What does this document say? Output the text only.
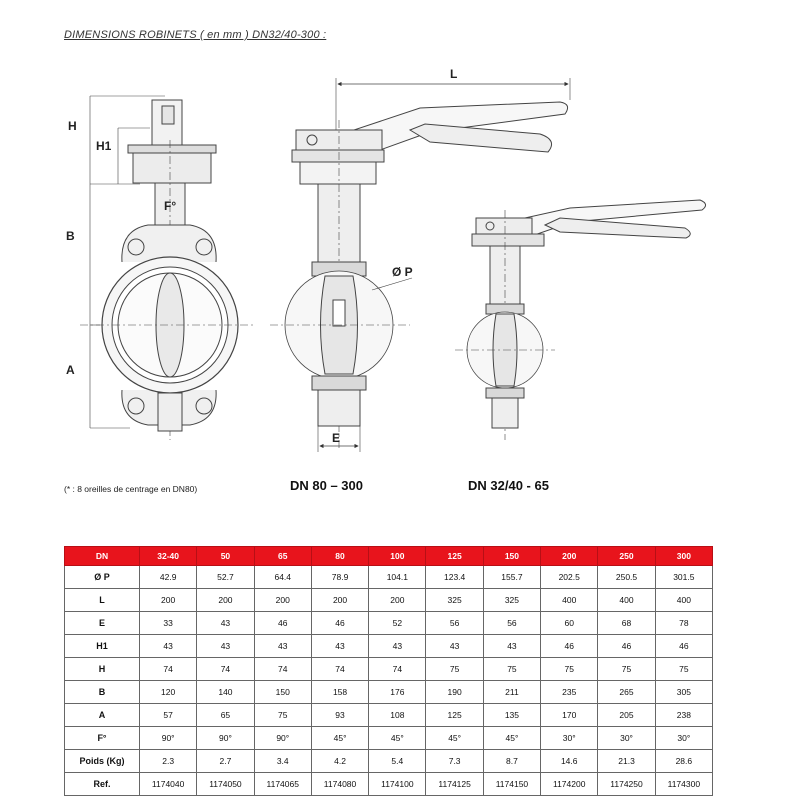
DIMENSIONS ROBINETS ( en mm ) DN32/40-300 :
H
H1
B
A
F°
L
Ø P
E
(* : 8 oreilles de centrage en DN80)	DN 80 – 300	DN 32/40 - 65
DN	32-40	50	65	80	100	125	150	200	250	300
Ø P	42.9	52.7	64.4	78.9	104.1	123.4	155.7	202.5	250.5	301.5
L	200	200	200	200	200	325	325	400	400	400
E	33	43	46	46	52	56	56	60	68	78
H1	43	43	43	43	43	43	43	46	46	46
H	74	74	74	74	74	75	75	75	75	75
B	120	140	150	158	176	190	211	235	265	305
A	57	65	75	93	108	125	135	170	205	238
F°	90°	90°	90°	45°	45°	45°	45°	30°	30°	30°
Poids (Kg)	2.3	2.7	3.4	4.2	5.4	7.3	8.7	14.6	21.3	28.6
Ref.	1174040	1174050	1174065	1174080	1174100	1174125	1174150	1174200	1174250	1174300
